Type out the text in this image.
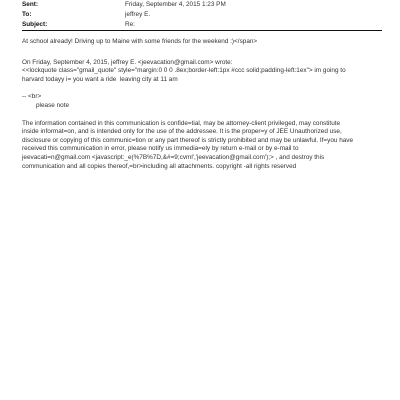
Sent:	Friday, September 4, 2015 1:23 PM
To:	jeffrey E.
Subject:	Re:

At school already! Driving up to Maine with some friends for the weekend :)</span>

On Friday, September 4, 2015, jeffrey E. <jeevacation@gmail.com> wrote:

<<lockquote class="gmail_quote" style="margin:0 0 0 .8ex;border-left:1px #ccc solid;padding-left:1ex"> im going to

harvard todayy i= you want a ride  leaving city at 11 am

-- <br>

please note

The information contained in this communication is confide=tial, may be attorney-client privileged, may constitute

inside informat=on, and is intended only for the use of the addressee. It is the proper=y of JEE Unauthorized use,

disclosure or copying of this communic=tion or any part thereof is strictly prohibited and may be unlawful. If=you have

received this communication in error, please notify us immedia=ely by return e-mail or by e-mail to

jeevacati=n@gmail.com <javascript:_e(%7B%7D,&#=9;cvml','jeevacation@gmail.com');> , and destroy this

communication and all copies thereof,=br>including all attachments. copyright -all rights reserved
